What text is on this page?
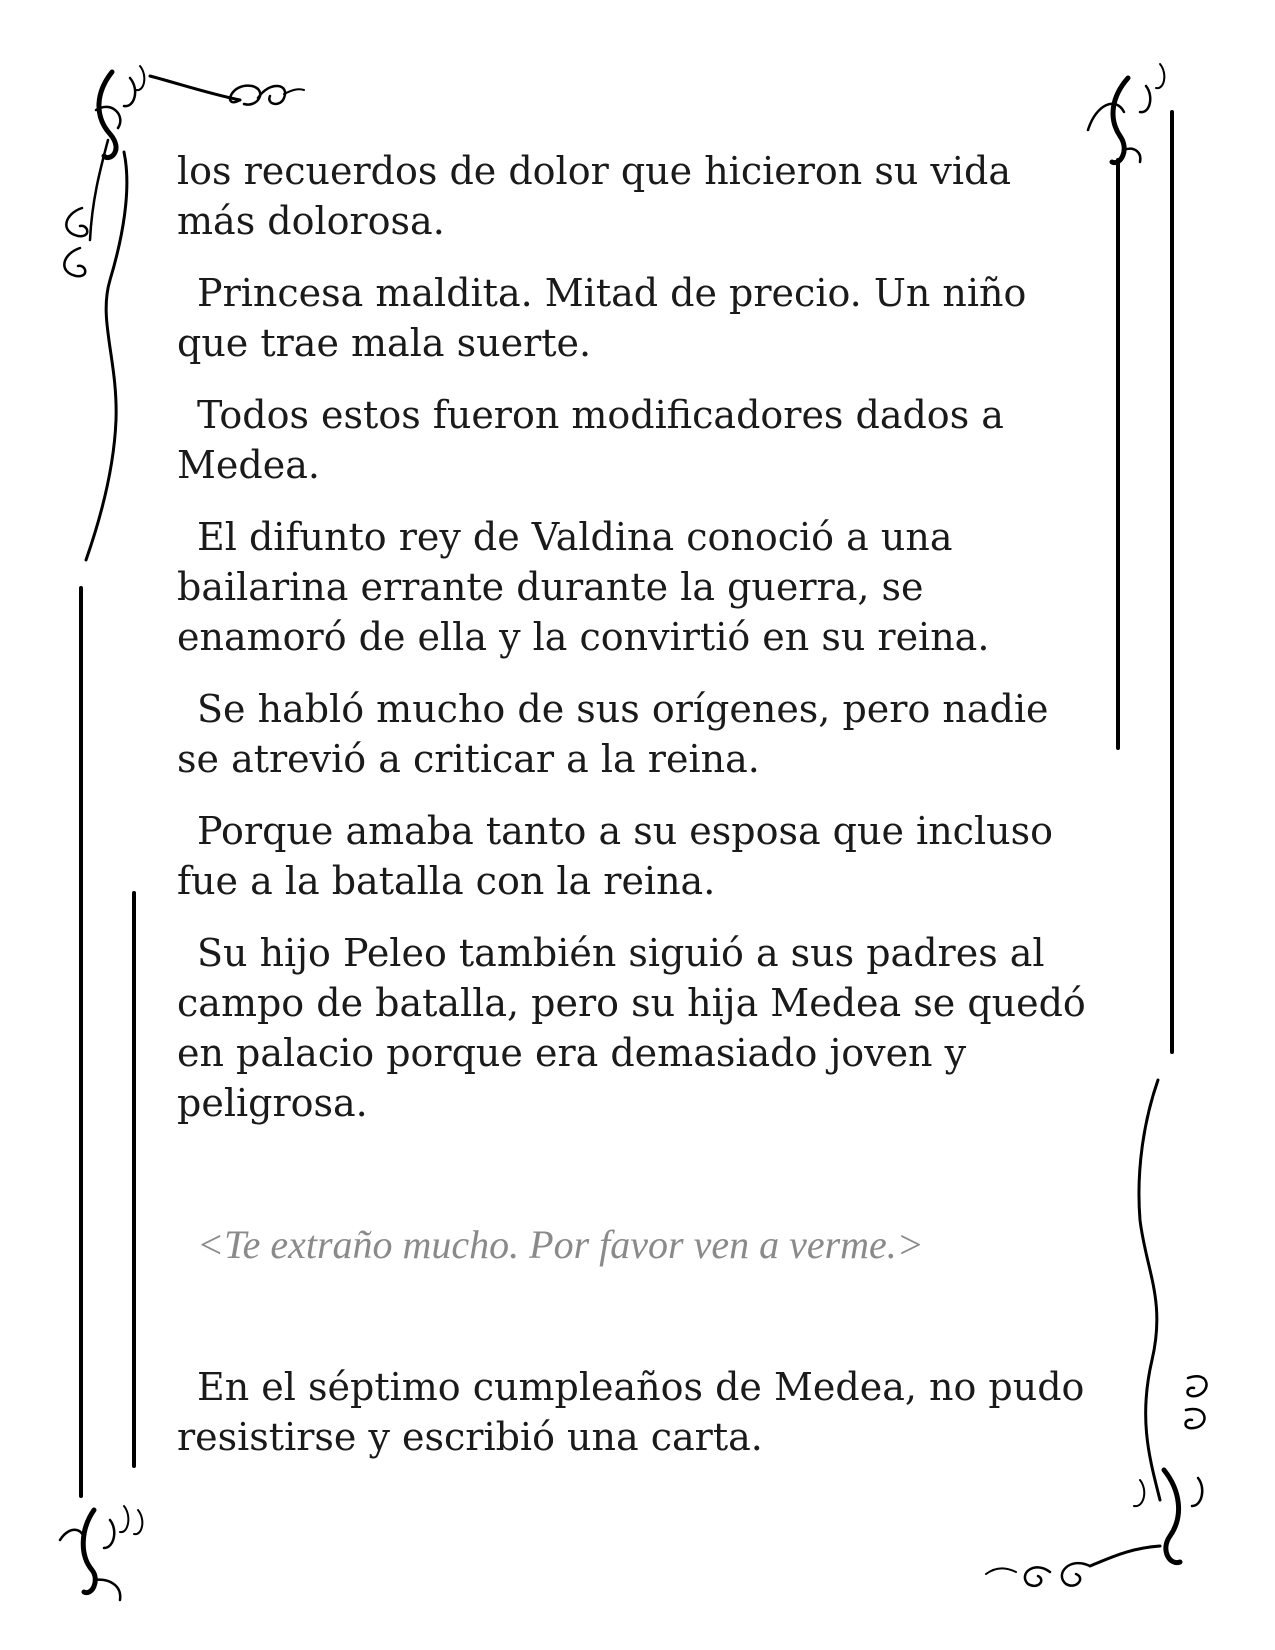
los recuerdos de dolor que hicieron su vida más dolorosa.

Princesa maldita. Mitad de precio. Un niño que trae mala suerte.

Todos estos fueron modificadores dados a Medea.

El difunto rey de Valdina conoció a una bailarina errante durante la guerra, se enamoró de ella y la convirtió en su reina.

Se habló mucho de sus orígenes, pero nadie se atrevió a criticar a la reina.

Porque amaba tanto a su esposa que incluso fue a la batalla con la reina.

Su hijo Peleo también siguió a sus padres al campo de batalla, pero su hija Medea se quedó en palacio porque era demasiado joven y peligrosa.

<Te extraño mucho. Por favor ven a verme.>

En el séptimo cumpleaños de Medea, no pudo resistirse y escribió una carta.
